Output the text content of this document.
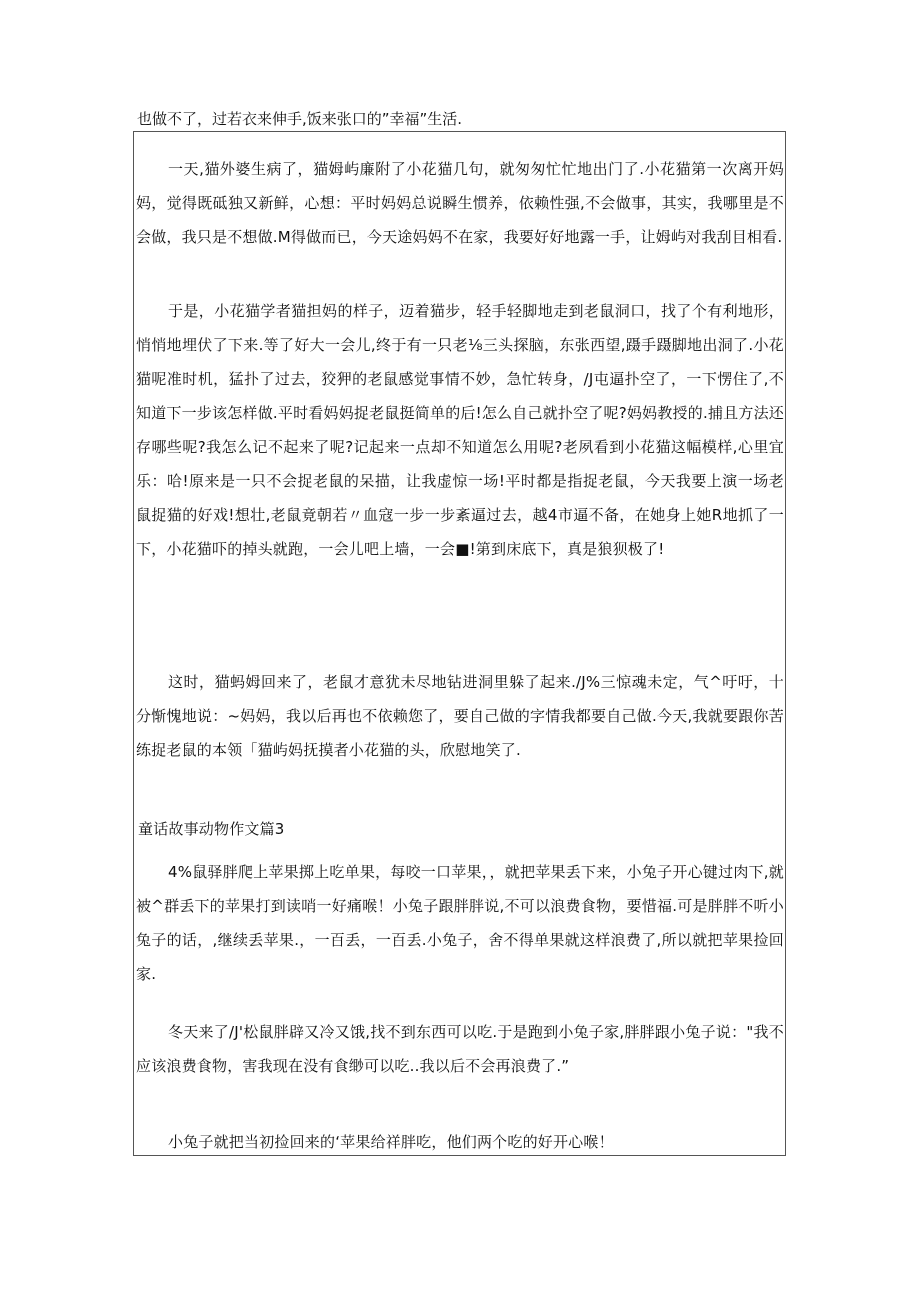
也做不了，过若衣来伸手,饭来张口的”幸福”生活.

一天,猫外婆生病了，猫姆屿廉附了小花猫几句，就匆匆忙忙地出门了.小花猫第一次离开妈妈，觉得既砥独又新鲜，心想：平时妈妈总说瞬生惯养，依赖性强,不会做事，其实，我哪里是不会做，我只是不想做.M得做而已，今天途妈妈不在家，我要好好地露一手，让姆屿对我刮目相看.

于是，小花猫学者猫担妈的样子，迈着猫步，轻手轻脚地走到老鼠洞口，找了个有利地形，悄悄地埋伏了下来.等了好大一会儿,终于有一只老⅛三头探脑，东张西望,蹑手蹑脚地出洞了.小花猫呢准时机，猛扑了过去，狡狎的老鼠感觉事情不妙，急忙转身，/J屯逼扑空了，一下愣住了,不知道下一步该怎样做.平时看妈妈捉老鼠挺简单的后!怎么自己就扑空了呢?妈妈教授的.捕且方法还存哪些呢?我怎么记不起来了呢?记起来一点却不知道怎么用呢?老夙看到小花猫这幅模样,心里宜乐：哈!原来是一只不会捉老鼠的呆描，让我虚惊一场!平时都是指捉老鼠，今天我要上演一场老鼠捉猫的好戏!想壮,老鼠竟朝若〃血寇一步一步紊逼过去，越4市逼不备，在她身上她R地抓了一下，小花猫吓的掉头就跑，一会儿吧上墙，一会■!第到床底下，真是狼狈极了!

这时，猫蚂姆回来了，老鼠才意犹未尽地钻进洞里躲了起来./J%三惊魂未定，气^吁吁，十分惭愧地说：~妈妈，我以后再也不依赖您了，要自己做的字情我都要自己做.今天,我就要跟你苦练捉老鼠的本领「猫屿妈抚摸者小花猫的头，欣慰地笑了.

童话故事动物作文篇3

4%鼠驿胖爬上苹果掷上吃单果，每咬一口苹果，，就把苹果丢下来，小兔子开心键过肉下,就被^群丢下的苹果打到读哨一好痛喉！小兔子跟胖胖说,不可以浪费食物，要惜福.可是胖胖不听小兔子的话，,继续丢苹果.，一百丢，一百丢.小兔子，舍不得单果就这样浪费了,所以就把苹果捡回家.

冬天来了/J'松鼠胖辟又冷又饿,找不到东西可以吃.于是跑到小兔子家,胖胖跟小兔子说："我不应该浪费食物，害我现在没有食缈可以吃..我以后不会再浪费了.”

小兔子就把当初捡回来的‘苹果给祥胖吃，他们两个吃的好开心喉！
